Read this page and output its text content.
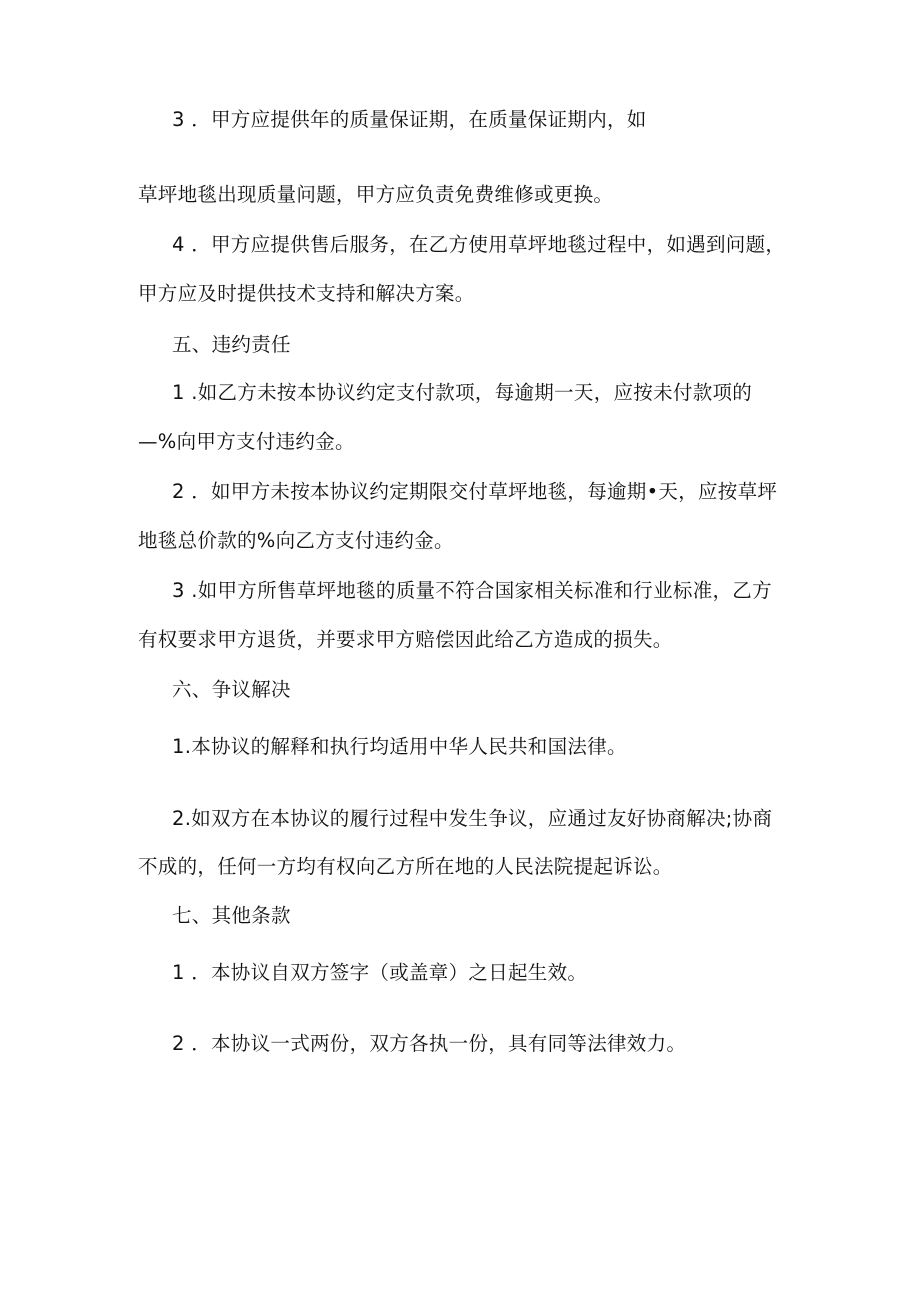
3 ．甲方应提供年的质量保证期，在质量保证期内，如
草坪地毯出现质量问题，甲方应负责免费维修或更换。
4 ．甲方应提供售后服务，在乙方使用草坪地毯过程中，如遇到问题，
甲方应及时提供技术支持和解决方案。
五、违约责任
1 .如乙方未按本协议约定支付款项，每逾期一天，应按未付款项的
—%向甲方支付违约金。
2 ．如甲方未按本协议约定期限交付草坪地毯，每逾期•天，应按草坪
地毯总价款的%向乙方支付违约金。
3 .如甲方所售草坪地毯的质量不符合国家相关标准和行业标准，乙方
有权要求甲方退货，并要求甲方赔偿因此给乙方造成的损失。
六、争议解决
1.本协议的解释和执行均适用中华人民共和国法律。
2.如双方在本协议的履行过程中发生争议，应通过友好协商解决;协商
不成的，任何一方均有权向乙方所在地的人民法院提起诉讼。
七、其他条款
1 ．本协议自双方签字（或盖章）之日起生效。
2 ．本协议一式两份，双方各执一份，具有同等法律效力。
